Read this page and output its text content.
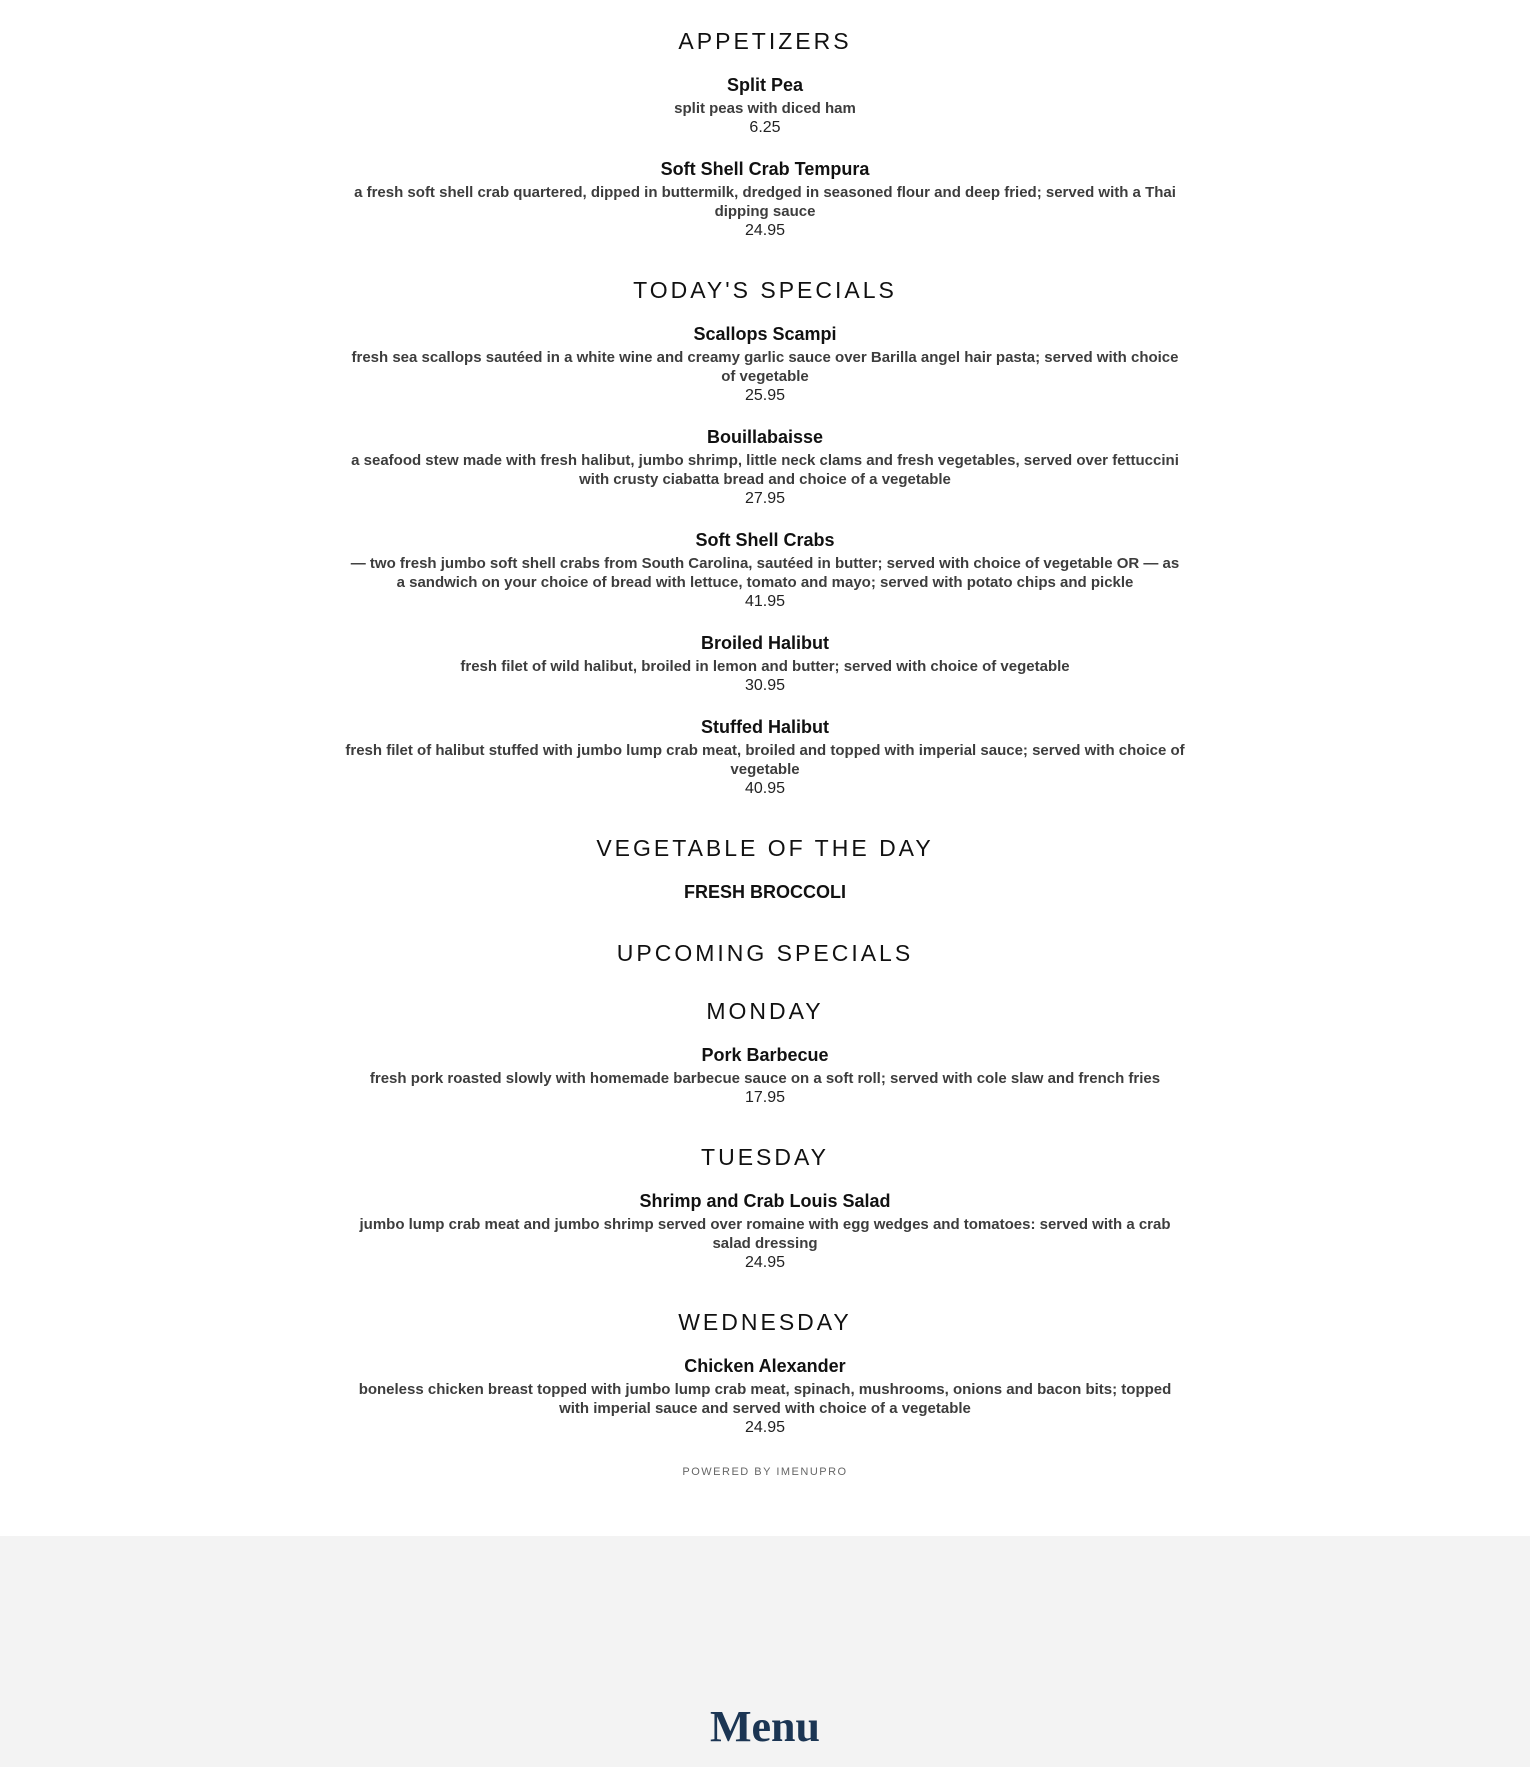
APPETIZERS
Split Pea
split peas with diced ham
6.25
Soft Shell Crab Tempura
a fresh soft shell crab quartered, dipped in buttermilk, dredged in seasoned flour and deep fried; served with a Thai dipping sauce
24.95
TODAY'S SPECIALS
Scallops Scampi
fresh sea scallops sautéed in a white wine and creamy garlic sauce over Barilla angel hair pasta; served with choice of vegetable
25.95
Bouillabaisse
a seafood stew made with fresh halibut, jumbo shrimp, little neck clams and fresh vegetables, served over fettuccini with crusty ciabatta bread and choice of a vegetable
27.95
Soft Shell Crabs
— two fresh jumbo soft shell crabs from South Carolina, sautéed in butter; served with choice of vegetable OR — as a sandwich on your choice of bread with lettuce, tomato and mayo; served with potato chips and pickle
41.95
Broiled Halibut
fresh filet of wild halibut, broiled in lemon and butter; served with choice of vegetable
30.95
Stuffed Halibut
fresh filet of halibut stuffed with jumbo lump crab meat, broiled and topped with imperial sauce; served with choice of vegetable
40.95
VEGETABLE OF THE DAY
FRESH BROCCOLI
UPCOMING SPECIALS
MONDAY
Pork Barbecue
fresh pork roasted slowly with homemade barbecue sauce on a soft roll; served with cole slaw and french fries
17.95
TUESDAY
Shrimp and Crab Louis Salad
jumbo lump crab meat and jumbo shrimp served over romaine with egg wedges and tomatoes: served with a crab salad dressing
24.95
WEDNESDAY
Chicken Alexander
boneless chicken breast topped with jumbo lump crab meat, spinach, mushrooms, onions and bacon bits; topped with imperial sauce and served with choice of a vegetable
24.95
POWERED BY IMENUPRO
Menu
